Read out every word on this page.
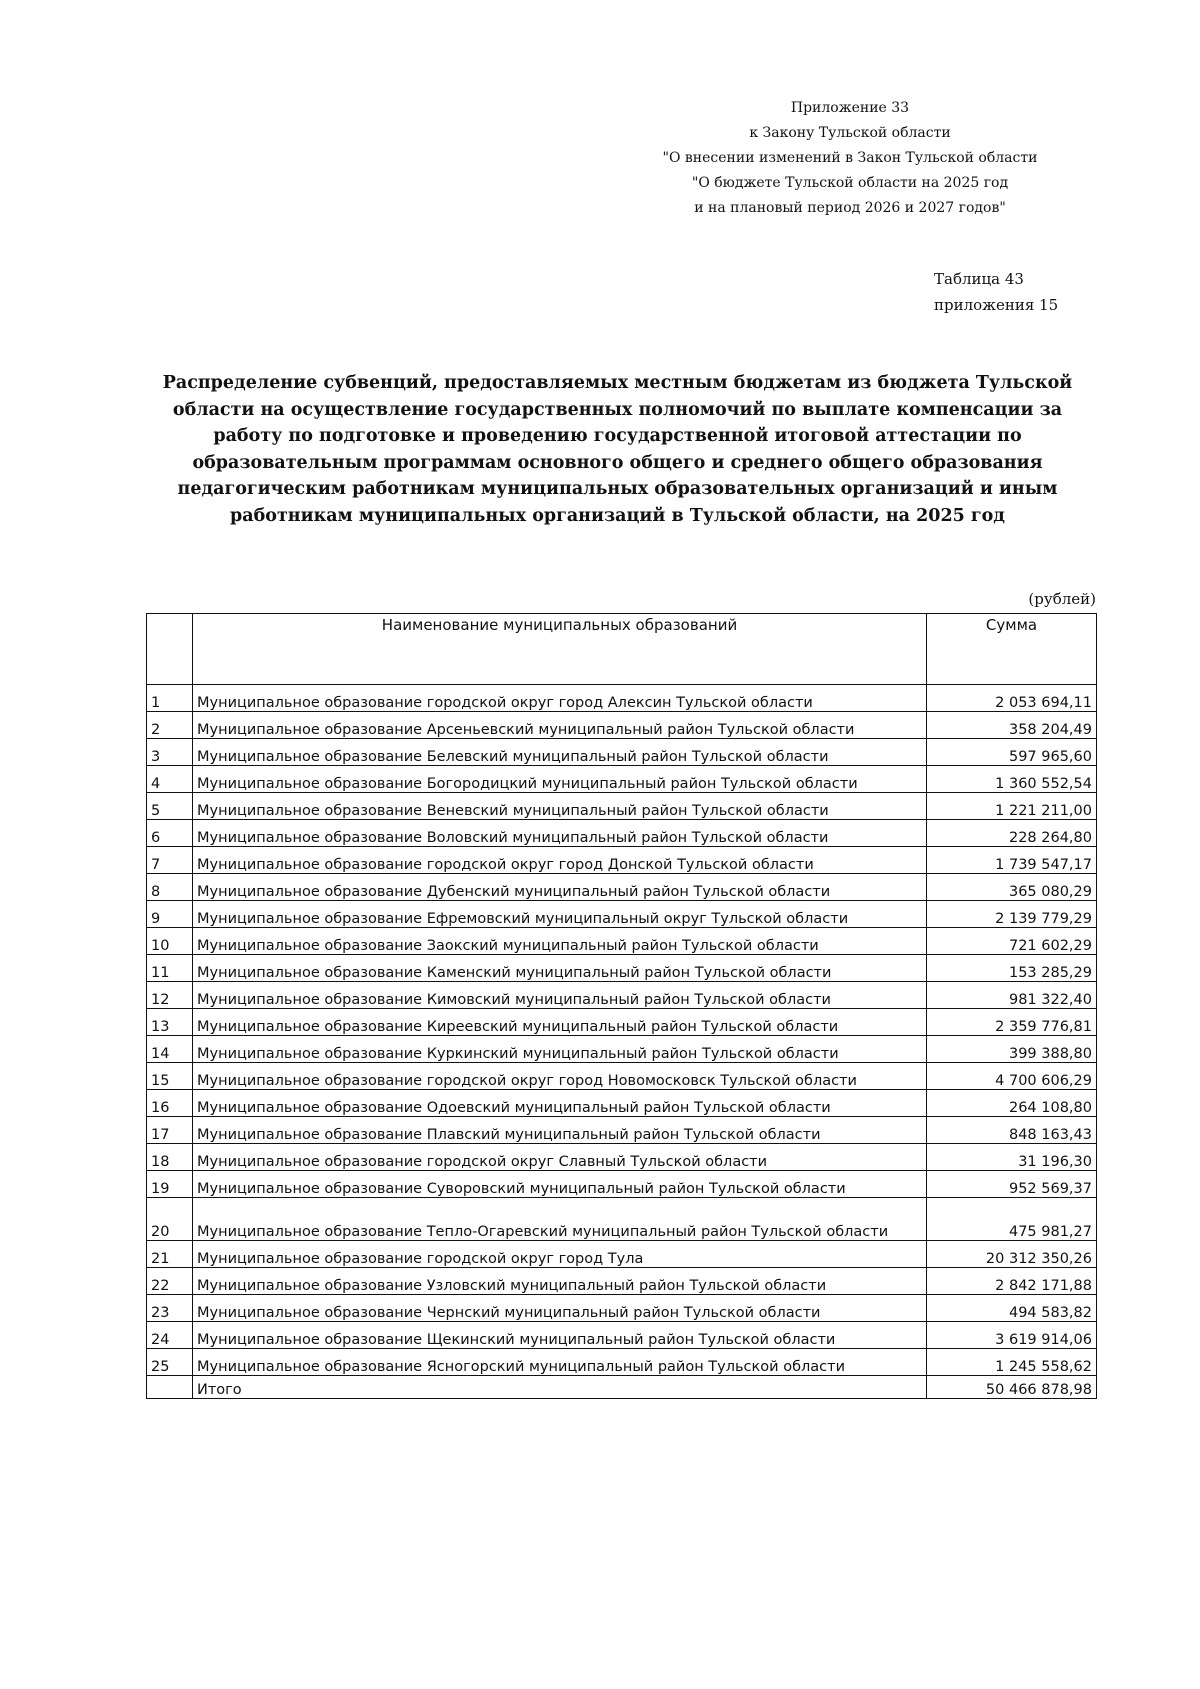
Приложение 33
к Закону Тульской области
"О внесении изменений в Закон Тульской области
"О бюджете Тульской области на 2025 год
и на плановый период 2026 и 2027 годов"
Таблица 43
приложения 15
Распределение субвенций, предоставляемых местным бюджетам из бюджета Тульской области на осуществление государственных полномочий по выплате компенсации за работу по подготовке и проведению государственной итоговой аттестации по образовательным программам основного общего и среднего общего образования педагогическим работникам муниципальных образовательных организаций и иным работникам муниципальных организаций в Тульской области, на 2025 год
(рублей)
	Наименование муниципальных образований	Сумма
1	Муниципальное образование городской округ город Алексин Тульской области	2 053 694,11
2	Муниципальное образование Арсеньевский муниципальный район Тульской области	358 204,49
3	Муниципальное образование Белевский муниципальный район Тульской области	597 965,60
4	Муниципальное образование Богородицкий муниципальный район Тульской области	1 360 552,54
5	Муниципальное образование Веневский муниципальный район Тульской области	1 221 211,00
6	Муниципальное образование Воловский муниципальный район Тульской области	228 264,80
7	Муниципальное образование городской округ город Донской Тульской области	1 739 547,17
8	Муниципальное образование Дубенский муниципальный район Тульской области	365 080,29
9	Муниципальное образование Ефремовский муниципальный округ Тульской области	2 139 779,29
10	Муниципальное образование Заокский муниципальный район Тульской области	721 602,29
11	Муниципальное образование Каменский муниципальный район Тульской области	153 285,29
12	Муниципальное образование Кимовский муниципальный район Тульской области	981 322,40
13	Муниципальное образование Киреевский муниципальный район Тульской области	2 359 776,81
14	Муниципальное образование Куркинский муниципальный район Тульской области	399 388,80
15	Муниципальное образование городской округ город Новомосковск Тульской области	4 700 606,29
16	Муниципальное образование Одоевский муниципальный район Тульской области	264 108,80
17	Муниципальное образование Плавский муниципальный район Тульской области	848 163,43
18	Муниципальное образование городской округ Славный Тульской области	31 196,30
19	Муниципальное образование Суворовский муниципальный район Тульской области	952 569,37
20	Муниципальное образование Тепло-Огаревский муниципальный район Тульской области	475 981,27
21	Муниципальное образование городской округ город Тула	20 312 350,26
22	Муниципальное образование Узловский муниципальный район Тульской области	2 842 171,88
23	Муниципальное образование Чернский муниципальный район Тульской области	494 583,82
24	Муниципальное образование Щекинский муниципальный район Тульской области	3 619 914,06
25	Муниципальное образование Ясногорский муниципальный район Тульской области	1 245 558,62
	Итого	50 466 878,98
